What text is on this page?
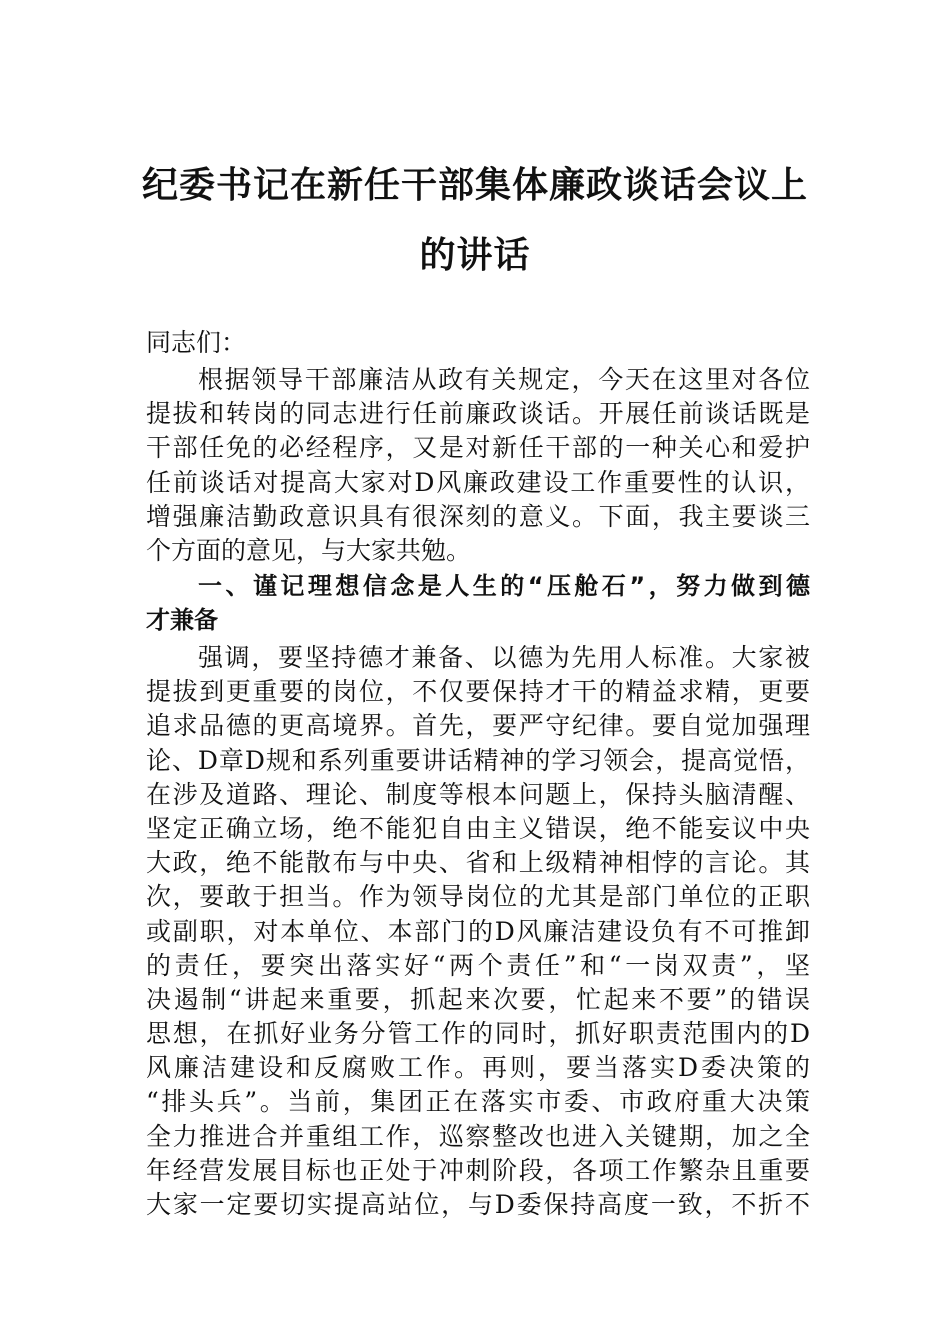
纪委书记在新任干部集体廉政谈话会议上
的讲话
同志们：
根据领导干部廉洁从政有关规定，今天在这里对各位
提拔和转岗的同志进行任前廉政谈话。开展任前谈话既是
干部任免的必经程序，又是对新任干部的一种关心和爱护
任前谈话对提高大家对D风廉政建设工作重要性的认识，
增强廉洁勤政意识具有很深刻的意义。下面，我主要谈三
个方面的意见，与大家共勉。
一、谨记理想信念是人生的“压舱石”，努力做到德
才兼备
强调，要坚持德才兼备、以德为先用人标准。大家被
提拔到更重要的岗位，不仅要保持才干的精益求精，更要
追求品德的更高境界。首先，要严守纪律。要自觉加强理
论、D章D规和系列重要讲话精神的学习领会，提高觉悟，
在涉及道路、理论、制度等根本问题上，保持头脑清醒、
坚定正确立场，绝不能犯自由主义错误，绝不能妄议中央
大政，绝不能散布与中央、省和上级精神相悖的言论。其
次，要敢于担当。作为领导岗位的尤其是部门单位的正职
或副职，对本单位、本部门的D风廉洁建设负有不可推卸
的责任，要突出落实好“两个责任”和“一岗双责”，坚
决遏制“讲起来重要，抓起来次要，忙起来不要”的错误
思想，在抓好业务分管工作的同时，抓好职责范围内的D
风廉洁建设和反腐败工作。再则，要当落实D委决策的
“排头兵”。当前，集团正在落实市委、市政府重大决策
全力推进合并重组工作，巡察整改也进入关键期，加之全
年经营发展目标也正处于冲刺阶段，各项工作繁杂且重要
大家一定要切实提高站位，与D委保持高度一致，不折不
